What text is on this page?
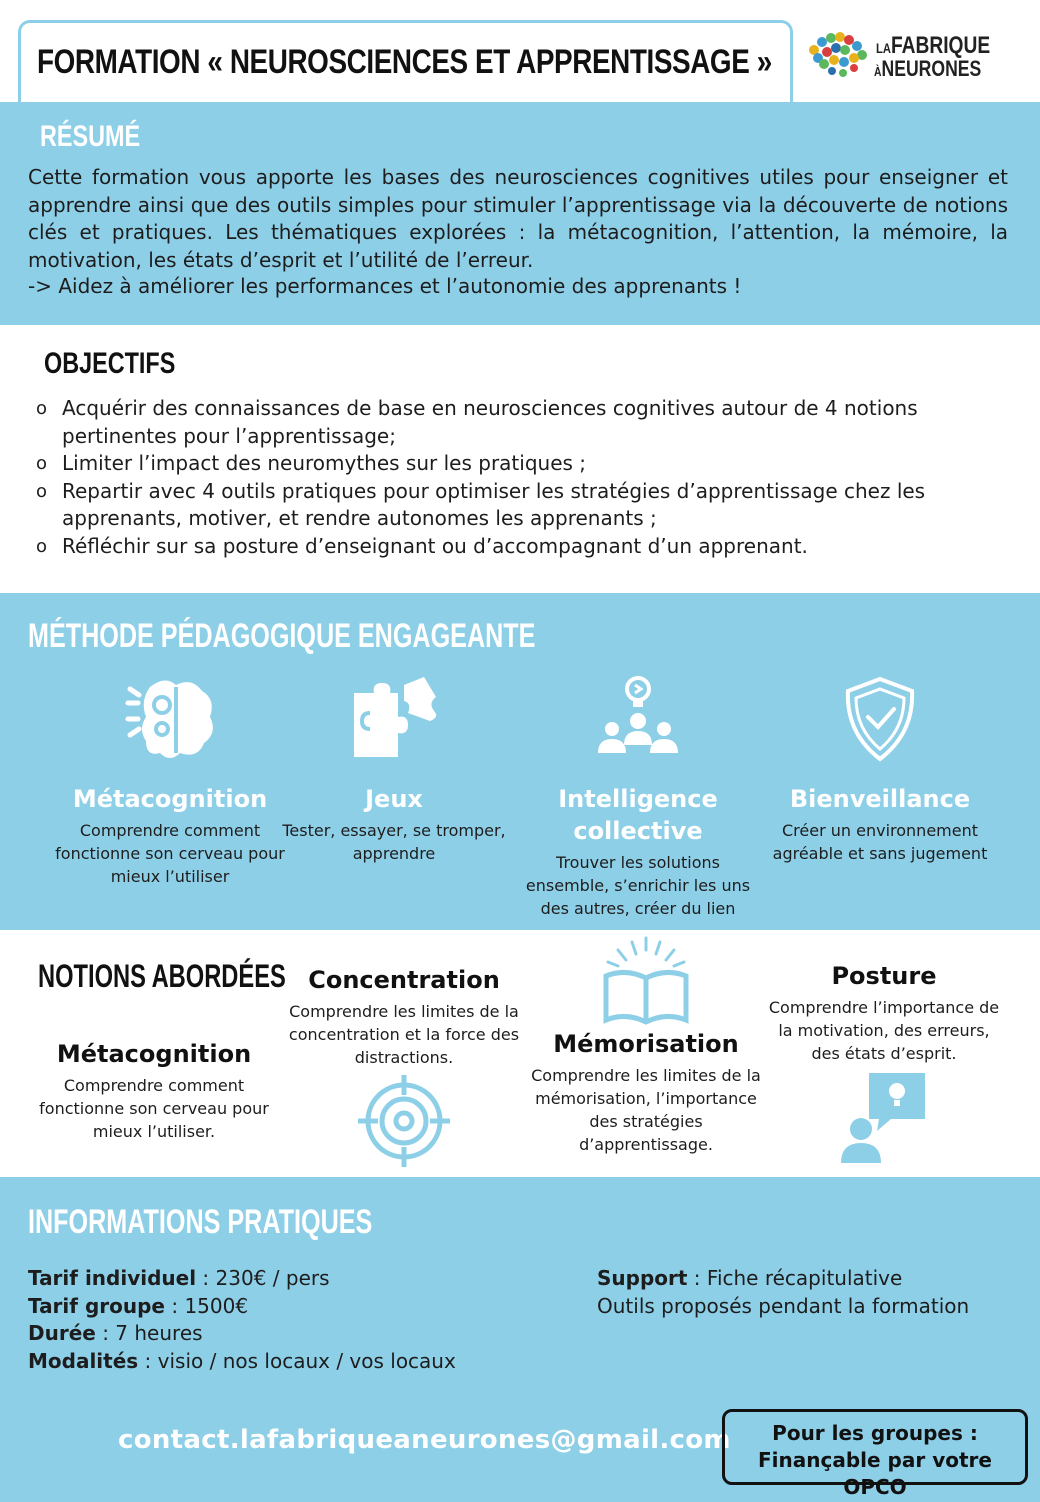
FORMATION « NEUROSCIENCES ET APPRENTISSAGE »	LAFABRIQUE
ÀNEURONES
RÉSUMÉ

Cette formation vous apporte les bases des neurosciences cognitives utiles pour enseigner et apprendre ainsi que des outils simples pour stimuler l’apprentissage via la découverte de notions clés et pratiques. Les thématiques explorées : la métacognition, l’attention, la mémoire, la motivation, les états d’esprit et l’utilité de l’erreur.

-> Aidez à améliorer les performances et l’autonomie des apprenants !

OBJECTIFS
o Acquérir des connaissances de base en neurosciences cognitives autour de 4 notions pertinentes pour l’apprentissage;
o Limiter l’impact des neuromythes sur les pratiques ;
o Repartir avec 4 outils pratiques pour optimiser les stratégies d’apprentissage chez les apprenants, motiver, et rendre autonomes les apprenants ;
o Réfléchir sur sa posture d’enseignant ou d’accompagnant d’un apprenant.
MÉTHODE PÉDAGOGIQUE ENGAGEANTE
Métacognition
Comprendre comment fonctionne son cerveau pour mieux l’utiliser
Jeux
Tester, essayer, se tromper, apprendre
Intelligence collective
Trouver les solutions ensemble, s’enrichir les uns des autres, créer du lien
Bienveillance
Créer un environnement agréable et sans jugement
NOTIONS ABORDÉES
Métacognition
Comprendre comment fonctionne son cerveau pour mieux l’utiliser.
Concentration
Comprendre les limites de la concentration et la force des distractions.	Mémorisation
Comprendre les limites de la mémorisation, l’importance des stratégies d’apprentissage.
Posture
Comprendre l’importance de la motivation, des erreurs, des états d’esprit.
INFORMATIONS PRATIQUES
Tarif individuel : 230€ / pers
Tarif groupe : 1500€
Durée : 7 heures
Modalités : visio / nos locaux / vos locaux
Support : Fiche récapitulative
Outils proposés pendant la formation
contact.lafabriqueaneurones@gmail.com	Pour les groupes :
Finançable par votre OPCO
